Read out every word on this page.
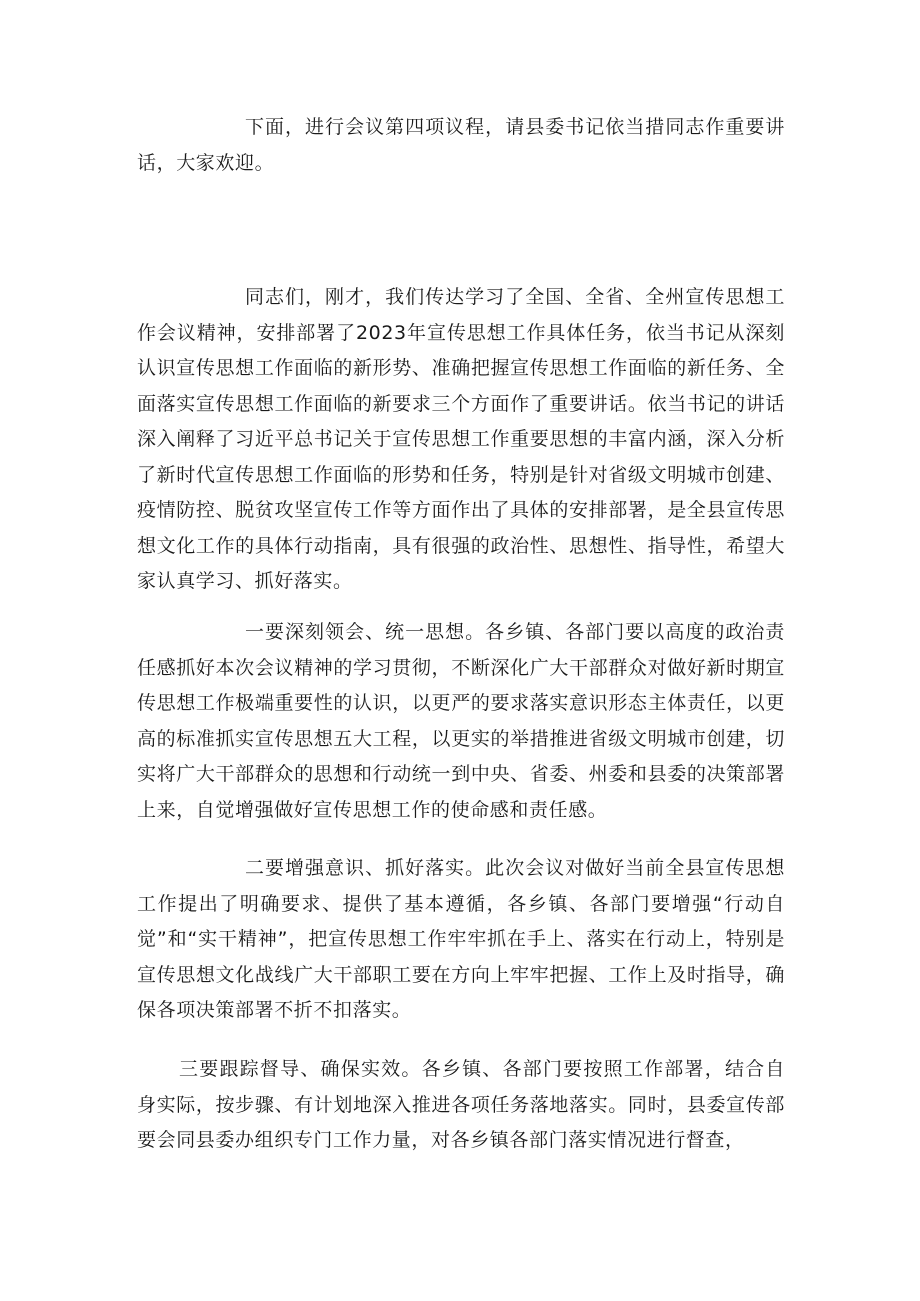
下面，进行会议第四项议程，请县委书记依当措同志作重要讲话，大家欢迎。

同志们，刚才，我们传达学习了全国、全省、全州宣传思想工作会议精神，安排部署了2023年宣传思想工作具体任务，依当书记从深刻认识宣传思想工作面临的新形势、准确把握宣传思想工作面临的新任务、全面落实宣传思想工作面临的新要求三个方面作了重要讲话。依当书记的讲话深入阐释了习近平总书记关于宣传思想工作重要思想的丰富内涵，深入分析了新时代宣传思想工作面临的形势和任务，特别是针对省级文明城市创建、疫情防控、脱贫攻坚宣传工作等方面作出了具体的安排部署，是全县宣传思想文化工作的具体行动指南，具有很强的政治性、思想性、指导性，希望大家认真学习、抓好落实。

一要深刻领会、统一思想。各乡镇、各部门要以高度的政治责任感抓好本次会议精神的学习贯彻，不断深化广大干部群众对做好新时期宣传思想工作极端重要性的认识，以更严的要求落实意识形态主体责任，以更高的标准抓实宣传思想五大工程，以更实的举措推进省级文明城市创建，切实将广大干部群众的思想和行动统一到中央、省委、州委和县委的决策部署上来，自觉增强做好宣传思想工作的使命感和责任感。

二要增强意识、抓好落实。此次会议对做好当前全县宣传思想工作提出了明确要求、提供了基本遵循，各乡镇、各部门要增强“行动自觉”和“实干精神”，把宣传思想工作牢牢抓在手上、落实在行动上，特别是宣传思想文化战线广大干部职工要在方向上牢牢把握、工作上及时指导，确保各项决策部署不折不扣落实。

三要跟踪督导、确保实效。各乡镇、各部门要按照工作部署，结合自身实际，按步骤、有计划地深入推进各项任务落地落实。同时，县委宣传部要会同县委办组织专门工作力量，对各乡镇各部门落实情况进行督查，
